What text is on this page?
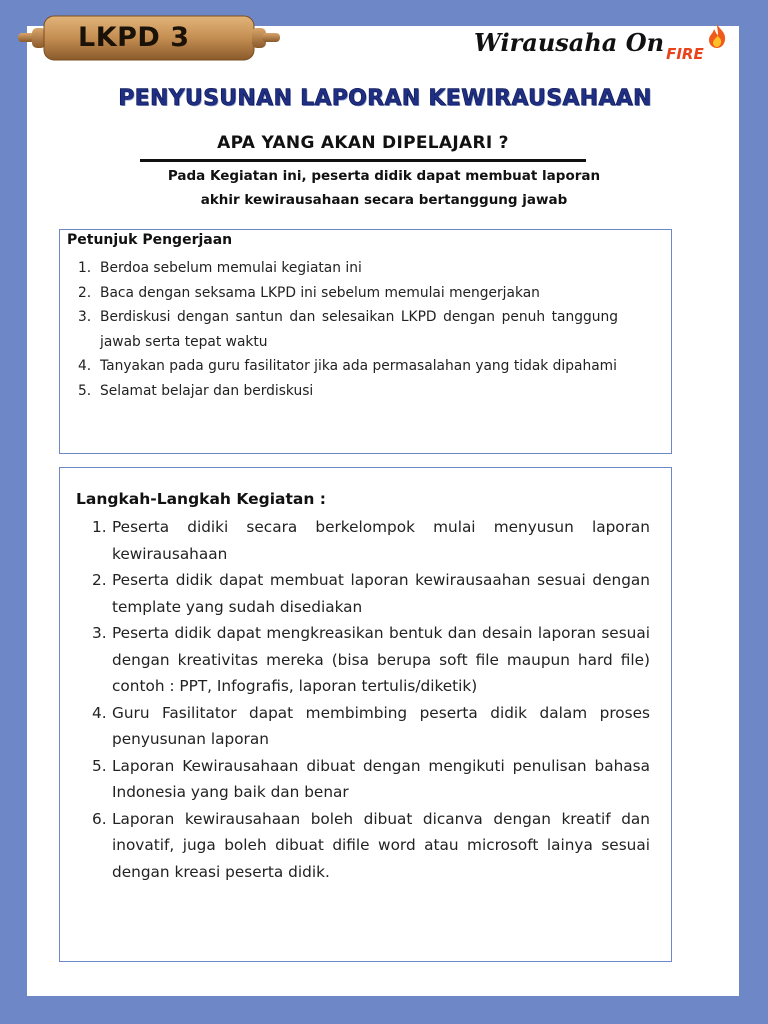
LKPD 3	Wirausaha On $_{FIRE}$
PENYUSUNAN LAPORAN KEWIRAUSAHAAN
APA YANG AKAN DIPELAJARI ?
Pada Kegiatan ini, peserta didik dapat membuat laporan
akhir kewirausahaan secara bertanggung jawab
Petunjuk Pengerjaan
1. Berdoa sebelum memulai kegiatan ini
2. Baca dengan seksama LKPD ini sebelum memulai mengerjakan
3. Berdiskusi dengan santun dan selesaikan LKPD dengan penuh tanggung jawab serta tepat waktu
4. Tanyakan pada guru fasilitator jika ada permasalahan yang tidak dipahami
5. Selamat belajar dan berdiskusi
Langkah-Langkah Kegiatan :
1. Peserta didiki secara berkelompok mulai menyusun laporan kewirausahaan
2. Peserta didik dapat membuat laporan kewirausaahan sesuai dengan template yang sudah disediakan
3. Peserta didik dapat mengkreasikan bentuk dan desain laporan sesuai dengan kreativitas mereka (bisa berupa soft file maupun hard file) contoh : PPT, Infografis, laporan tertulis/diketik)
4. Guru Fasilitator dapat membimbing peserta didik dalam proses penyusunan laporan
5. Laporan Kewirausahaan dibuat dengan mengikuti penulisan bahasa Indonesia yang baik dan benar
6. Laporan kewirausahaan boleh dibuat dicanva dengan kreatif dan inovatif, juga boleh dibuat difile word atau microsoft lainya sesuai dengan kreasi peserta didik.
